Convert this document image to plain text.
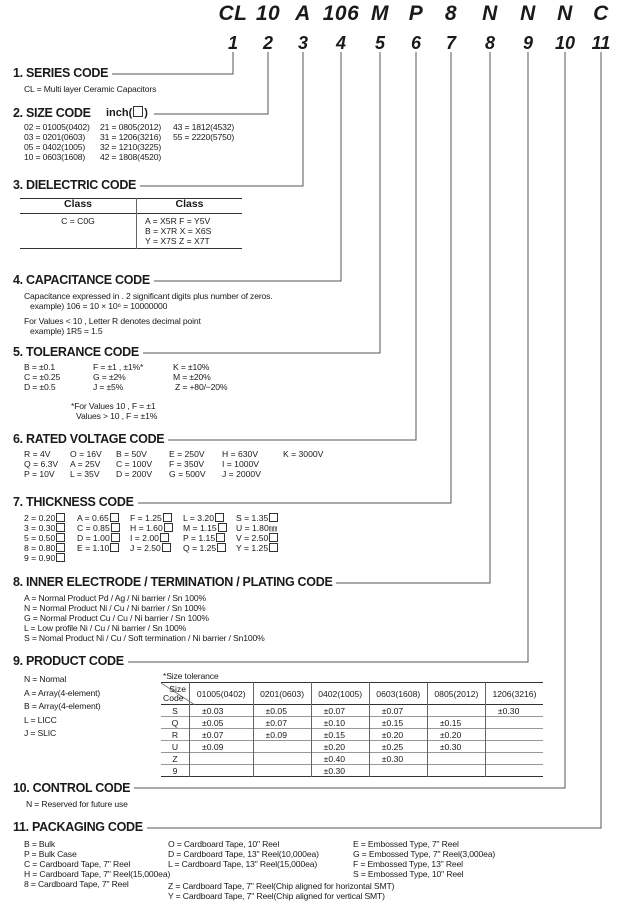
CL 10 A 106 M P	8	N	N	N C
1	2	3	4	5	6	7	8	9	10 11
1. SERIES CODE
CL = Multi layer Ceramic Capacitors
2. SIZE CODE	inch( )
02 = 01005(0402)
03 = 0201(0603)
05 = 0402(1005)
10 = 0603(1608)
21 = 0805(2012)
31 = 1206(3216)
32 = 1210(3225)
42 = 1808(4520)
43 = 1812(4532)
55 = 2220(5750)
3. DIELECTRIC CODE
Class	Class
C = C0G	A = X5R F = Y5V
B = X7R X = X6S
Y = X7S Z = X7T
4. CAPACITANCE CODE
Capacitance expressed in . 2 significant digits plus number of zeros.
example) 106 = 10 × 10⁶ = 10000000
For Values < 10 , Letter R denotes decimal point
example) 1R5 = 1.5
5. TOLERANCE CODE
B = ±0.1
C = ±0.25
D = ±0.5
F = ±1 , ±1%*
G = ±2%
J = ±5%
K = ±10%
M = ±20%
Z = +80/−20%
*For Values 10 , F = ±1
Values > 10 , F = ±1%
6. RATED VOLTAGE CODE
R = 4V	O = 16V	B = 50V	E = 250V	H = 630V	K = 3000V
Q = 6.3V	A = 25V	C = 100V	F = 350V	I = 1000V	
P = 10V	L = 35V	D = 200V	G = 500V	J = 2000V	
7. THICKNESS CODE
2 = 0.20	A = 0.65	F = 1.25	L = 3.20	S = 1.35
3 = 0.30	C = 0.85	H = 1.60	M = 1.15	U = 1.80㎜
5 = 0.50	D = 1.00	I = 2.00	P = 1.15	V = 2.50
8 = 0.80	E = 1.10	J = 2.50	Q = 1.25	Y = 1.25
9 = 0.90				
8. INNER ELECTRODE / TERMINATION / PLATING CODE
A = Normal Product Pd / Ag / Ni barrier / Sn 100%
N = Normal Product Ni / Cu / Ni barrier / Sn 100%
G = Normal Product Cu / Cu / Ni barrier / Sn 100%
L = Low profile Ni / Cu / Ni barrier / Sn 100%
S = Nomal Product Ni / Cu / Soft termination / Ni barrier / Sn100%
9. PRODUCT CODE
N = Normal
A = Array(4-element)
B = Array(4-element)
L = LICC
J = SLIC
*Size tolerance
Size
Code	01005(0402)	0201(0603)	0402(1005)	0603(1608)	0805(2012)	1206(3216)
S	±0.03	±0.05	±0.07	±0.07		±0.30
Q	±0.05	±0.07	±0.10	±0.15	±0.15	
R	±0.07	±0.09	±0.15	±0.20	±0.20	
U	±0.09		±0.20	±0.25	±0.30	
Z			±0.40	±0.30		
9			±0.30			
10. CONTROL CODE
N = Reserved for future use
11. PACKAGING CODE
B = Bulk
P = Bulk Case
C = Cardboard Tape, 7" Reel
H = Cardboard Tape, 7" Reel(15,000ea)
8 = Cardboard Tape, 7" Reel
O = Cardboard Tape, 10" Reel
D = Cardboard Tape, 13" Reel(10,000ea)
L = Cardboard Tape, 13" Reel(15,000ea)
Z = Cardboard Tape, 7" Reel(Chip aligned for horizontal SMT)
Y = Cardboard Tape, 7" Reel(Chip aligned for vertical SMT)
E = Embossed Type, 7" Reel
G = Embossed Type, 7" Reel(3,000ea)
F = Embossed Type, 13" Reel
S = Embossed Type, 10" Reel
